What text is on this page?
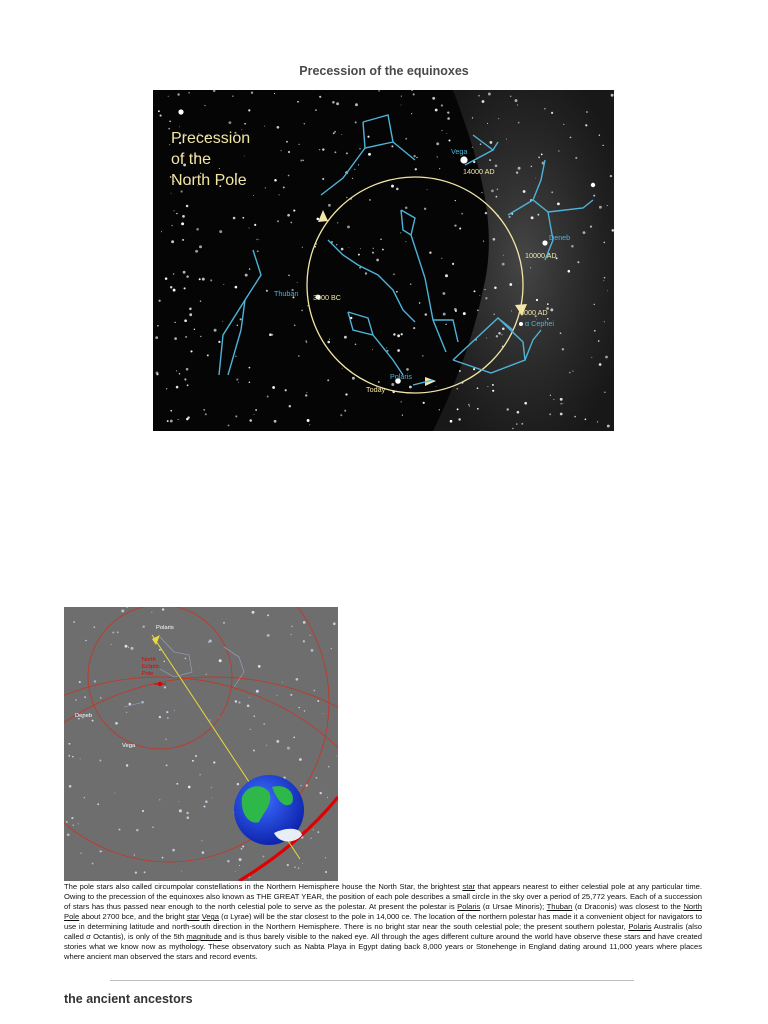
Precession of the equinoxes
Precession
of the
North Pole
Vega
14000 AD
Deneb
10000 AD
Thuban 3000 BC
8000 AD
α Cephei
Polaris
Today
Polaris
Deneb
Vega
North
Ecliptic
Pole
The pole stars also called circumpolar constellations in the Northern Hemisphere house the North Star, the brightest star that appears nearest to either celestial pole at any particular time. Owing to the precession of the equinoxes also known as THE GREAT YEAR, the position of each pole describes a small circle in the sky over a period of 25,772 years. Each of a succession of stars has thus passed near enough to the north celestial pole to serve as the polestar. At present the polestar is Polaris (α Ursae Minoris); Thuban (α Draconis) was closest to the North Pole about 2700 bce, and the bright star Vega (α Lyrae) will be the star closest to the pole in 14,000 ce. The location of the northern polestar has made it a convenient object for navigators to use in determining latitude and north-south direction in the Northern Hemisphere. There is no bright star near the south celestial pole; the present southern polestar, Polaris Australis (also called σ Octantis), is only of the 5th magnitude and is thus barely visible to the naked eye. All through the ages different culture around the world have observe these stars and have created stories what we know now as mythology. These observatory such as Nabta Playa in Egypt dating back 8,000 years or Stonehenge in England dating around 11,000 years where places where ancient man observed the stars and record events.
the ancient ancestors
